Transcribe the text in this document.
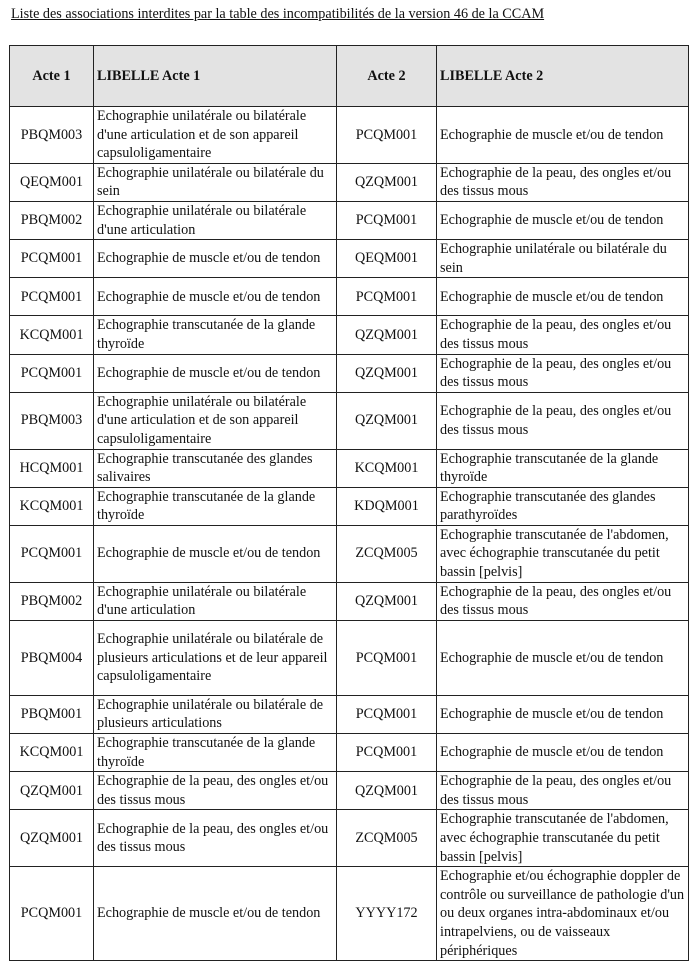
Liste des associations interdites par la table des incompatibilités de la version 46 de la CCAM
Acte 1	LIBELLE Acte 1	Acte 2	LIBELLE Acte 2
PBQM003	Echographie unilatérale ou bilatérale d'une articulation et de son appareil capsuloligamentaire	PCQM001	Echographie de muscle et/ou de tendon
QEQM001	Echographie unilatérale ou bilatérale du sein	QZQM001	Echographie de la peau, des ongles et/ou des tissus mous
PBQM002	Echographie unilatérale ou bilatérale d'une articulation	PCQM001	Echographie de muscle et/ou de tendon
PCQM001	Echographie de muscle et/ou de tendon	QEQM001	Echographie unilatérale ou bilatérale du sein
PCQM001	Echographie de muscle et/ou de tendon	PCQM001	Echographie de muscle et/ou de tendon
KCQM001	Echographie transcutanée de la glande thyroïde	QZQM001	Echographie de la peau, des ongles et/ou des tissus mous
PCQM001	Echographie de muscle et/ou de tendon	QZQM001	Echographie de la peau, des ongles et/ou des tissus mous
PBQM003	Echographie unilatérale ou bilatérale d'une articulation et de son appareil capsuloligamentaire	QZQM001	Echographie de la peau, des ongles et/ou des tissus mous
HCQM001	Echographie transcutanée des glandes salivaires	KCQM001	Echographie transcutanée de la glande thyroïde
KCQM001	Echographie transcutanée de la glande thyroïde	KDQM001	Echographie transcutanée des glandes parathyroïdes
PCQM001	Echographie de muscle et/ou de tendon	ZCQM005	Echographie transcutanée de l'abdomen, avec échographie transcutanée du petit bassin [pelvis]
PBQM002	Echographie unilatérale ou bilatérale d'une articulation	QZQM001	Echographie de la peau, des ongles et/ou des tissus mous
PBQM004	Echographie unilatérale ou bilatérale de plusieurs articulations et de leur appareil capsuloligamentaire	PCQM001	Echographie de muscle et/ou de tendon
PBQM001	Echographie unilatérale ou bilatérale de plusieurs articulations	PCQM001	Echographie de muscle et/ou de tendon
KCQM001	Echographie transcutanée de la glande thyroïde	PCQM001	Echographie de muscle et/ou de tendon
QZQM001	Echographie de la peau, des ongles et/ou des tissus mous	QZQM001	Echographie de la peau, des ongles et/ou des tissus mous
QZQM001	Echographie de la peau, des ongles et/ou des tissus mous	ZCQM005	Echographie transcutanée de l'abdomen, avec échographie transcutanée du petit bassin [pelvis]
PCQM001	Echographie de muscle et/ou de tendon	YYYY172	Echographie et/ou échographie doppler de contrôle ou surveillance de pathologie d'un ou deux organes intra-abdominaux et/ou intrapelviens, ou de vaisseaux périphériques
